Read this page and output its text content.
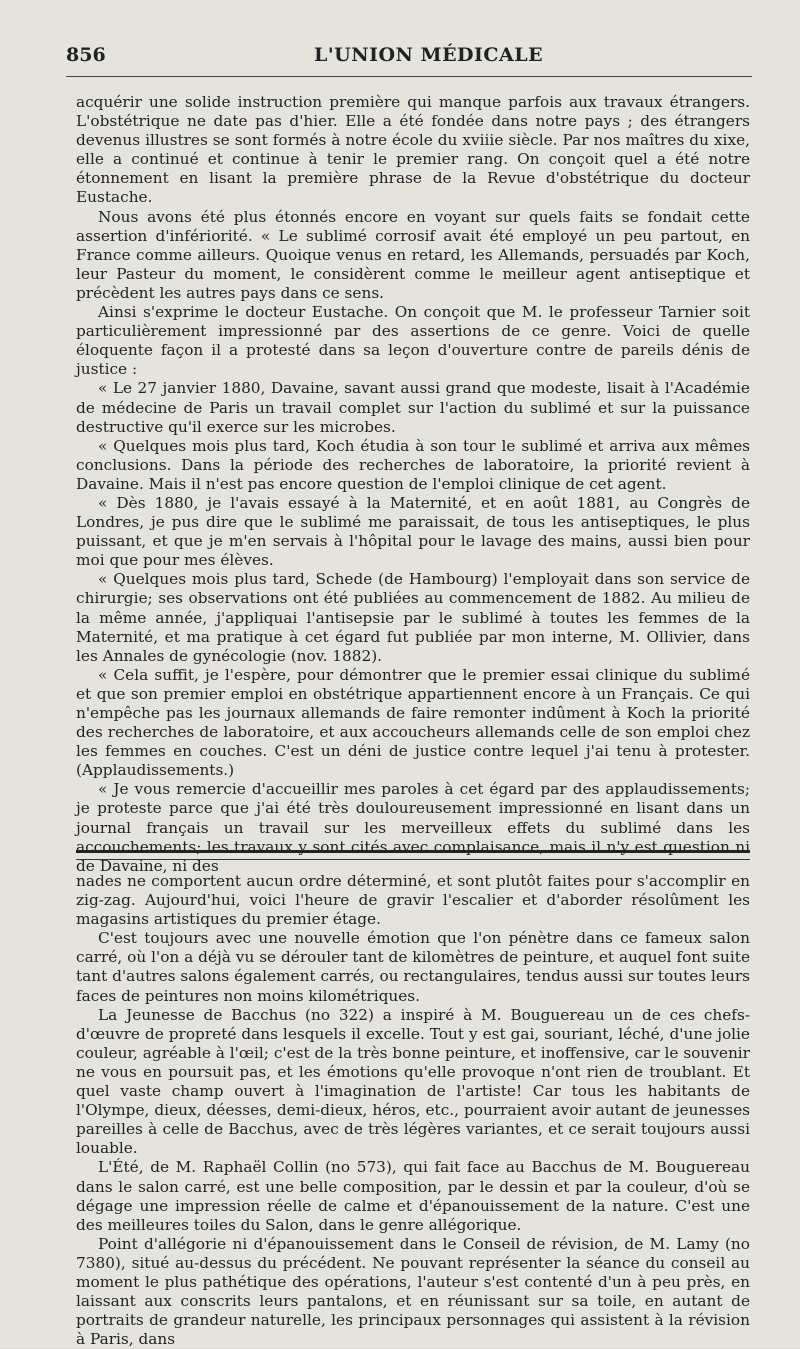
856	L'UNION MÉDICALE

acquérir une solide instruction première qui manque parfois aux travaux étrangers. L'obstétrique ne date pas d'hier. Elle a été fondée dans notre pays ; des étrangers devenus illustres se sont formés à notre école du xviiie siècle. Par nos maîtres du xixe, elle a continué et continue à tenir le premier rang. On conçoit quel a été notre étonnement en lisant la première phrase de la Revue d'obstétrique du docteur Eustache.

Nous avons été plus étonnés encore en voyant sur quels faits se fondait cette assertion d'infériorité. « Le sublimé corrosif avait été employé un peu partout, en France comme ailleurs. Quoique venus en retard, les Allemands, persuadés par Koch, leur Pasteur du moment, le considèrent comme le meilleur agent antiseptique et précèdent les autres pays dans ce sens.

Ainsi s'exprime le docteur Eustache. On conçoit que M. le professeur Tarnier soit particulièrement impressionné par des assertions de ce genre. Voici de quelle éloquente façon il a protesté dans sa leçon d'ouverture contre de pareils dénis de justice :

« Le 27 janvier 1880, Davaine, savant aussi grand que modeste, lisait à l'Académie de médecine de Paris un travail complet sur l'action du sublimé et sur la puissance destructive qu'il exerce sur les microbes.

« Quelques mois plus tard, Koch étudia à son tour le sublimé et arriva aux mêmes conclusions. Dans la période des recherches de laboratoire, la priorité revient à Davaine. Mais il n'est pas encore question de l'emploi clinique de cet agent.

« Dès 1880, je l'avais essayé à la Maternité, et en août 1881, au Congrès de Londres, je pus dire que le sublimé me paraissait, de tous les antiseptiques, le plus puissant, et que je m'en servais à l'hôpital pour le lavage des mains, aussi bien pour moi que pour mes élèves.

« Quelques mois plus tard, Schede (de Hambourg) l'employait dans son service de chirurgie; ses observations ont été publiées au commencement de 1882. Au milieu de la même année, j'appliquai l'antisepsie par le sublimé à toutes les femmes de la Maternité, et ma pratique à cet égard fut publiée par mon interne, M. Ollivier, dans les Annales de gynécologie (nov. 1882).

« Cela suffit, je l'espère, pour démontrer que le premier essai clinique du sublimé et que son premier emploi en obstétrique appartiennent encore à un Français. Ce qui n'empêche pas les journaux allemands de faire remonter indûment à Koch la priorité des recherches de laboratoire, et aux accoucheurs allemands celle de son emploi chez les femmes en couches. C'est un déni de justice contre lequel j'ai tenu à protester. (Applaudissements.)

« Je vous remercie d'accueillir mes paroles à cet égard par des applaudissements; je proteste parce que j'ai été très douloureusement impressionné en lisant dans un journal français un travail sur les merveilleux effets du sublimé dans les accouchements; les travaux y sont cités avec complaisance, mais il n'y est question ni de Davaine, ni des

nades ne comportent aucun ordre déterminé, et sont plutôt faites pour s'accomplir en zig-zag. Aujourd'hui, voici l'heure de gravir l'escalier et d'aborder résolûment les magasins artistiques du premier étage.

C'est toujours avec une nouvelle émotion que l'on pénètre dans ce fameux salon carré, où l'on a déjà vu se dérouler tant de kilomètres de peinture, et auquel font suite tant d'autres salons également carrés, ou rectangulaires, tendus aussi sur toutes leurs faces de peintures non moins kilométriques.

La Jeunesse de Bacchus (no 322) a inspiré à M. Bouguereau un de ces chefs-d'œuvre de propreté dans lesquels il excelle. Tout y est gai, souriant, léché, d'une jolie couleur, agréable à l'œil; c'est de la très bonne peinture, et inoffensive, car le souvenir ne vous en poursuit pas, et les émotions qu'elle provoque n'ont rien de troublant. Et quel vaste champ ouvert à l'imagination de l'artiste! Car tous les habitants de l'Olympe, dieux, déesses, demi-dieux, héros, etc., pourraient avoir autant de jeunesses pareilles à celle de Bacchus, avec de très légères variantes, et ce serait toujours aussi louable.

L'Été, de M. Raphaël Collin (no 573), qui fait face au Bacchus de M. Bouguereau dans le salon carré, est une belle composition, par le dessin et par la couleur, d'où se dégage une impression réelle de calme et d'épanouissement de la nature. C'est une des meilleures toiles du Salon, dans le genre allégorique.

Point d'allégorie ni d'épanouissement dans le Conseil de révision, de M. Lamy (no 7380), situé au-dessus du précédent. Ne pouvant représenter la séance du conseil au moment le plus pathétique des opérations, l'auteur s'est contenté d'un à peu près, en laissant aux conscrits leurs pantalons, et en réunissant sur sa toile, en autant de portraits de grandeur naturelle, les principaux personnages qui assistent à la révision à Paris, dans
